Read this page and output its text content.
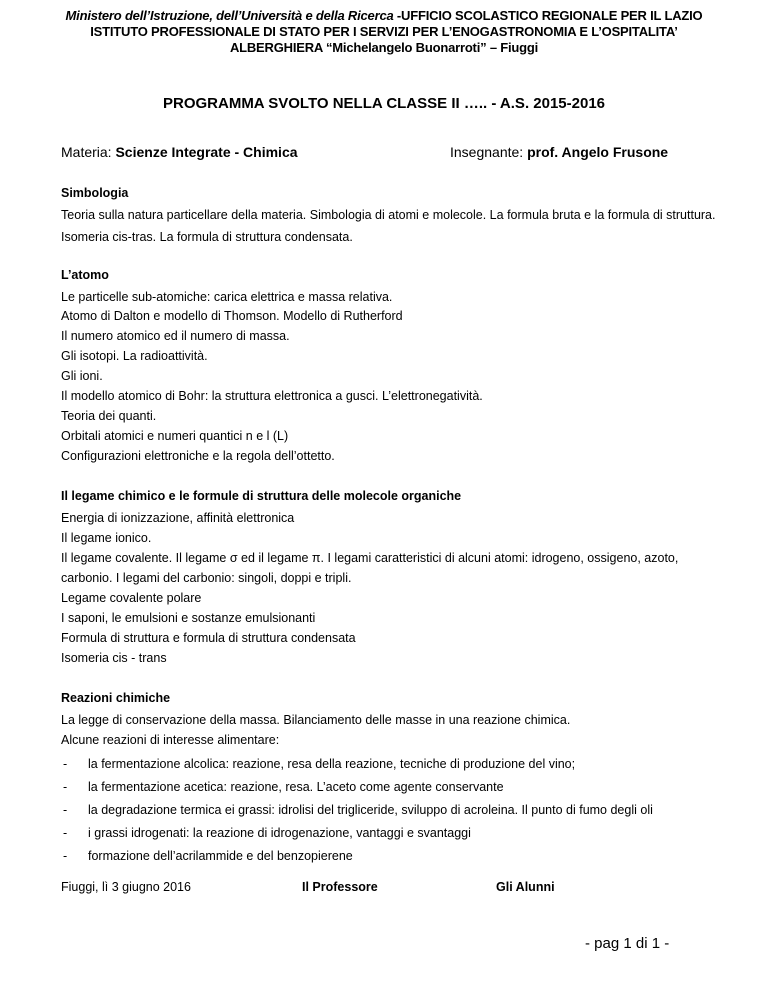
Ministero dell’Istruzione, dell’Università e della Ricerca -UFFICIO SCOLASTICO REGIONALE PER IL LAZIO
ISTITUTO PROFESSIONALE DI STATO PER I SERVIZI PER L’ENOGASTRONOMIA E L’OSPITALITA’
ALBERGHIERA “Michelangelo Buonarroti” – Fiuggi
PROGRAMMA SVOLTO NELLA CLASSE II ….. - A.S. 2015-2016
Materia: Scienze Integrate - Chimica	Insegnante: prof. Angelo Frusone
Simbologia
Teoria sulla natura particellare della materia. Simbologia di atomi e molecole. La formula bruta e la formula di struttura.
Isomeria cis-tras. La formula di struttura condensata.
L’atomo
Le particelle sub-atomiche: carica elettrica e massa relativa.
Atomo di Dalton e modello di Thomson. Modello di Rutherford
Il numero atomico ed il numero di massa.
Gli isotopi. La radioattività.
Gli ioni.
Il modello atomico di Bohr: la struttura elettronica a gusci. L’elettronegatività.
Teoria dei quanti.
Orbitali atomici e numeri quantici n e l (L)
Configurazioni elettroniche e la regola dell’ottetto.
Il legame chimico e le formule di struttura delle molecole organiche
Energia di ionizzazione, affinità elettronica
Il legame ionico.
Il legame covalente. Il legame σ ed il legame π. I legami caratteristici di alcuni atomi: idrogeno, ossigeno, azoto,
carbonio. I legami del carbonio: singoli, doppi e tripli.
Legame covalente polare
I saponi, le emulsioni e sostanze emulsionanti
Formula di struttura e formula di struttura condensata
Isomeria cis - trans
Reazioni chimiche
La legge di conservazione della massa. Bilanciamento delle masse in una reazione chimica.
Alcune reazioni di interesse alimentare:
- la fermentazione alcolica: reazione, resa della reazione, tecniche di produzione del vino;
- la fermentazione acetica: reazione, resa. L’aceto come agente conservante
- la degradazione termica ei grassi: idrolisi del trigliceride, sviluppo di acroleina. Il punto di fumo degli oli
- i grassi idrogenati: la reazione di idrogenazione, vantaggi e svantaggi
- formazione dell’acrilammide e del benzopierene
Fiuggi, lì 3 giugno 2016	Il Professore	Gli Alunni
- pag 1 di 1 -
